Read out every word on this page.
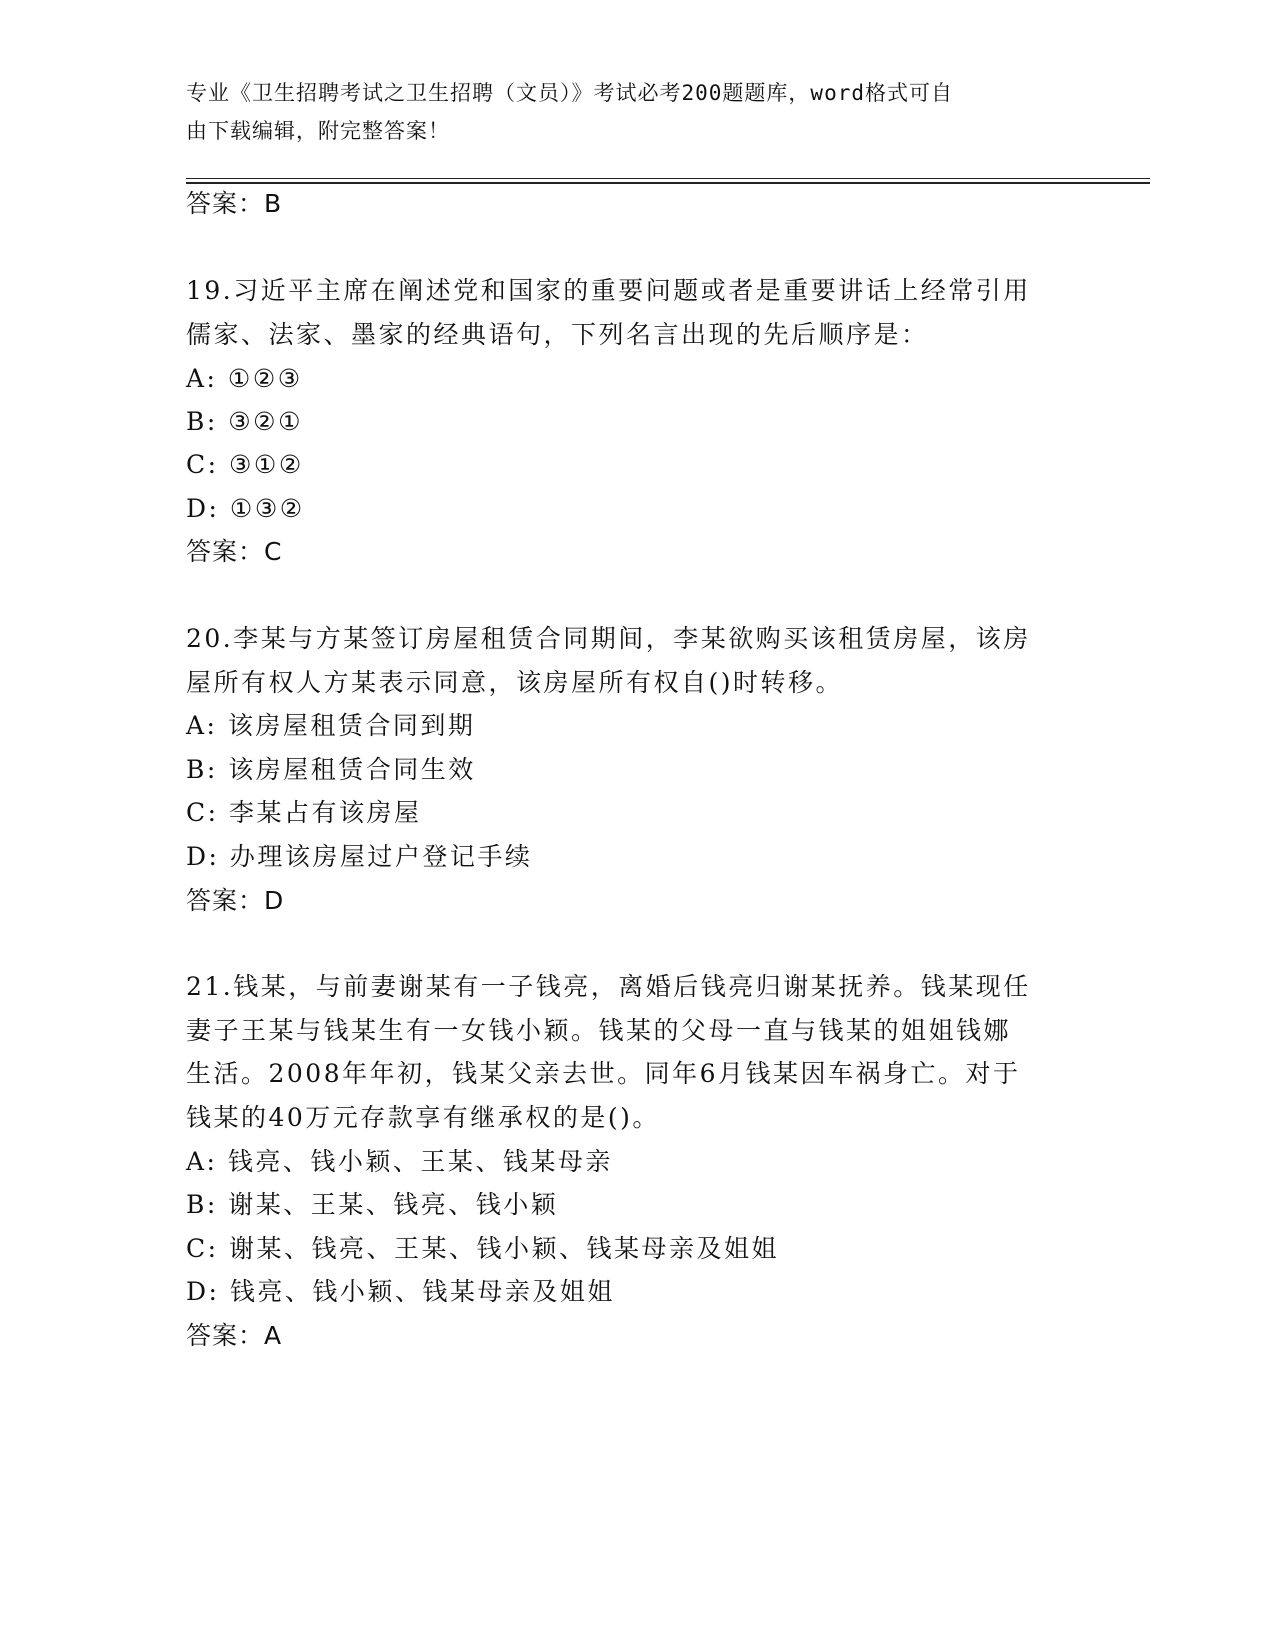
专业《卫生招聘考试之卫生招聘（文员）》考试必考200题题库，word格式可自
由下载编辑，附完整答案！
答案：B
19.习近平主席在阐述党和国家的重要问题或者是重要讲话上经常引用
儒家、法家、墨家的经典语句，下列名言出现的先后顺序是：
A: ①②③
B: ③②①
C: ③①②
D: ①③②
答案：C
20.李某与方某签订房屋租赁合同期间，李某欲购买该租赁房屋，该房
屋所有权人方某表示同意，该房屋所有权自()时转移。
A: 该房屋租赁合同到期
B: 该房屋租赁合同生效
C: 李某占有该房屋
D: 办理该房屋过户登记手续
答案：D
21.钱某，与前妻谢某有一子钱亮，离婚后钱亮归谢某抚养。钱某现任
妻子王某与钱某生有一女钱小颖。钱某的父母一直与钱某的姐姐钱娜
生活。2008年年初，钱某父亲去世。同年6月钱某因车祸身亡。对于
钱某的40万元存款享有继承权的是()。
A: 钱亮、钱小颖、王某、钱某母亲
B: 谢某、王某、钱亮、钱小颖
C: 谢某、钱亮、王某、钱小颖、钱某母亲及姐姐
D: 钱亮、钱小颖、钱某母亲及姐姐
答案：A
